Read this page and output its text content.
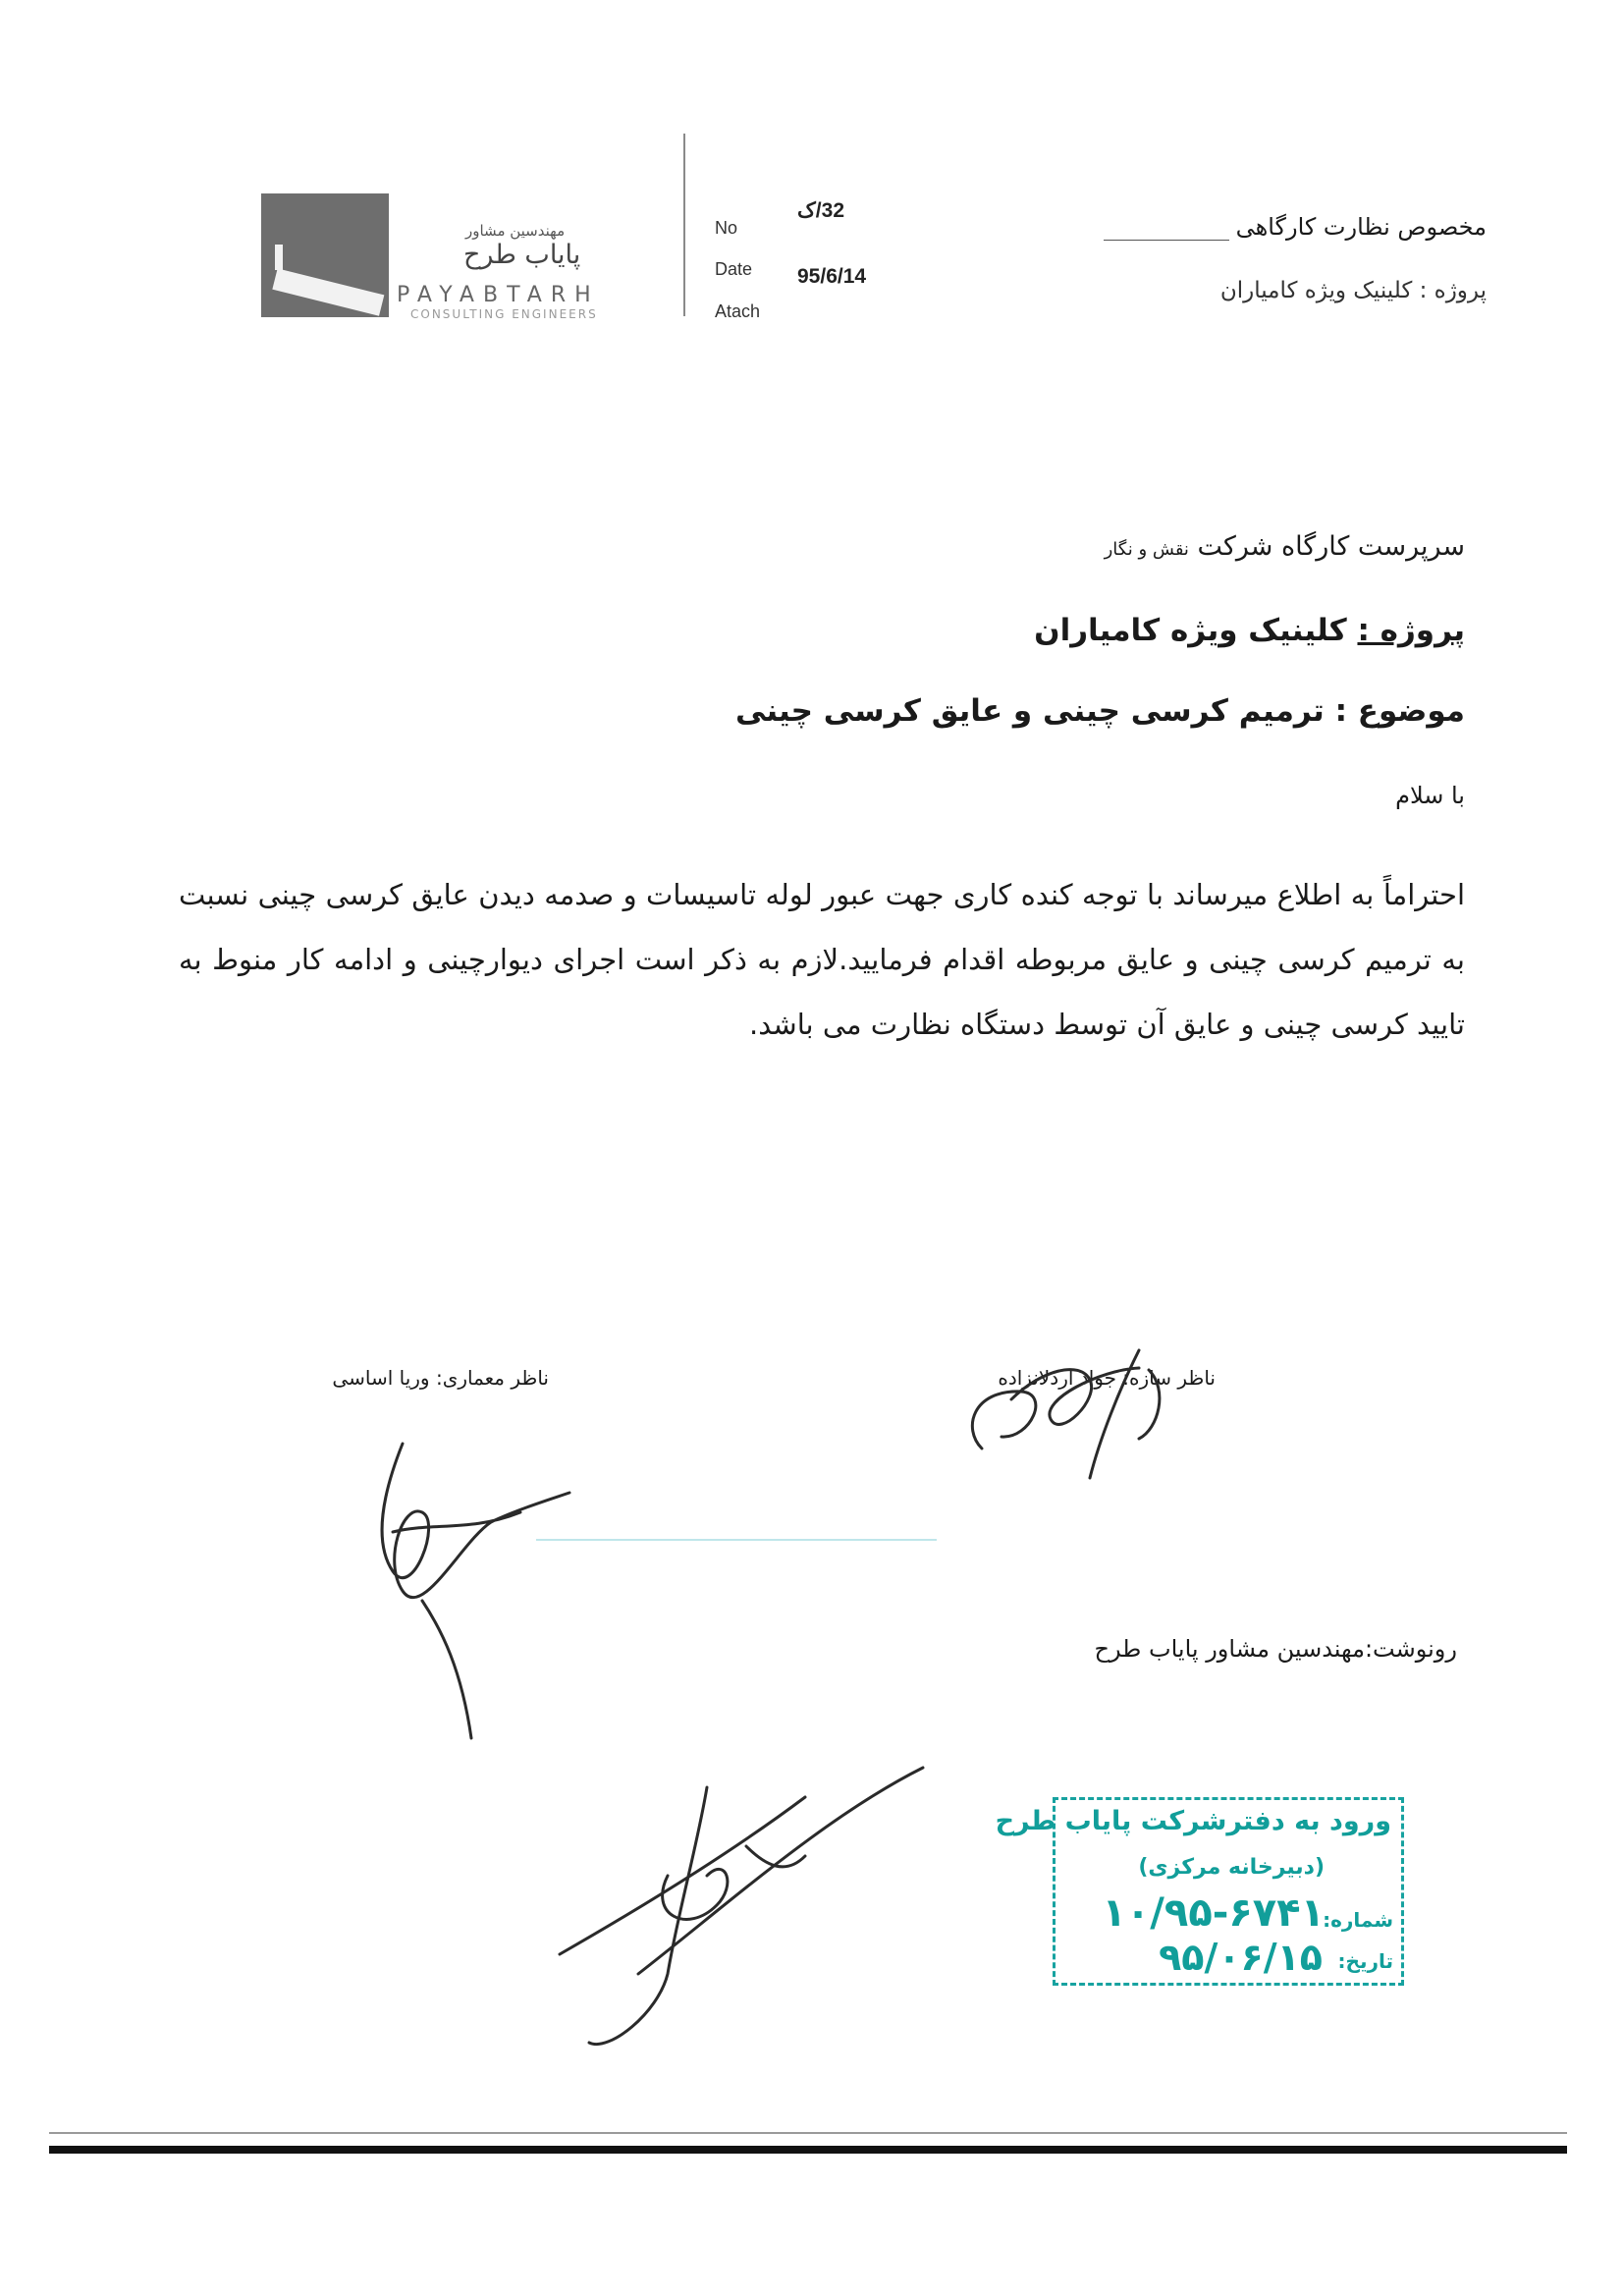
مهندسین مشاور
پایاب طرح
PAYABTARH
CONSULTING ENGINEERS
No
32/ک
Date 95/6/14
Atach
مخصوص نظارت کارگاهی
پروژه : کلینیک ویژه کامیاران
سرپرست کارگاه شرکت نقش و نگار
پروژه : کلینیک ویژه کامیاران
موضوع : ترمیم کرسی چینی و عایق کرسی چینی
با سلام
احتراماً به اطلاع میرساند با توجه کنده کاری جهت عبور لوله تاسیسات و صدمه دیدن عایق کرسی چینی نسبت به ترمیم کرسی چینی و عایق مربوطه اقدام فرمایید.لازم به ذکر است اجرای دیوارچینی و ادامه کار منوط به تایید کرسی چینی و عایق آن توسط دستگاه نظارت می باشد.
ناظر سازه: جواد اردلانزاده
ناظر معماری: وریا اساسی
رونوشت:مهندسین مشاور پایاب طرح
ورود به دفترشرکت پایاب طرح
(دبیرخانه مرکزی)
شماره:
۱۰/۹۵-۶۷۴۱
تاریخ:
۹۵/۰۶/۱۵
